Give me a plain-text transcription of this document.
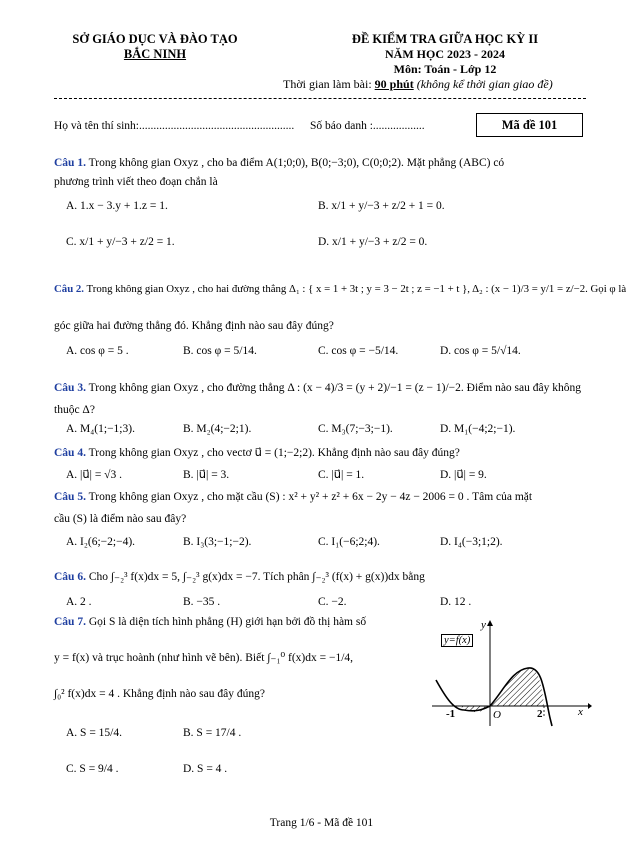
SỞ GIÁO DỤC VÀ ĐÀO TẠO
BẮC NINH
ĐỀ KIỂM TRA GIỮA HỌC KỲ II
NĂM HỌC 2023 - 2024
Môn: Toán - Lớp 12
Thời gian làm bài: 90 phút (không kể thời gian giao đề)
Họ và tên thí sinh:...................................................... Số báo danh :..................	Mã đề 101
Câu 1. Trong không gian Oxyz , cho ba điểm A(1;0;0), B(0;−3;0), C(0;0;2). Mặt phẳng (ABC) có
phương trình viết theo đoạn chắn là
A. 1.x − 3.y + 1.z = 1.	B. x/1 + y/−3 + z/2 + 1 = 0.
C. x/1 + y/−3 + z/2 = 1.	D. x/1 + y/−3 + z/2 = 0.
Câu 2. Trong không gian Oxyz , cho hai đường thẳng Δ₁ : { x = 1 + 3t ; y = 3 − 2t ; z = −1 + t }, Δ₂ : (x − 1)/3 = y/1 = z/−2. Gọi φ là
góc giữa hai đường thẳng đó. Khẳng định nào sau đây đúng?
A. cos φ = 5 .	B. cos φ = 5/14.	C. cos φ = −5/14.	D. cos φ = 5/√14.
Câu 3. Trong không gian Oxyz , cho đường thẳng Δ : (x − 4)/3 = (y + 2)/−1 = (z − 1)/−2. Điểm nào sau đây không
thuộc Δ?
A. M₄(1;−1;3).	B. M₂(4;−2;1).	C. M₃(7;−3;−1).	D. M₁(−4;2;−1).
Câu 4. Trong không gian Oxyz , cho vectơ u⃗ = (1;−2;2). Khẳng định nào sau đây đúng?
A. |u⃗| = √3 .	B. |u⃗| = 3.	C. |u⃗| = 1.	D. |u⃗| = 9.
Câu 5. Trong không gian Oxyz , cho mặt cầu (S) : x² + y² + z² + 6x − 2y − 4z − 2006 = 0 . Tâm của mặt
cầu (S) là điểm nào sau đây?
A. I₂(6;−2;−4).	B. I₃(3;−1;−2).	C. I₁(−6;2;4).	D. I₄(−3;1;2).
Câu 6. Cho ∫₋₂³ f(x)dx = 5, ∫₋₂³ g(x)dx = −7. Tích phân ∫₋₂³ (f(x) + g(x))dx bằng
A. 2 .	B. −35 .	C. −2.	D. 12 .
Câu 7. Gọi S là diện tích hình phẳng (H) giới hạn bởi đồ thị hàm số
y = f(x) và trục hoành (như hình vẽ bên). Biết ∫₋₁⁰ f(x)dx = −1/4,
∫₀² f(x)dx = 4 . Khẳng định nào sau đây đúng?
A. S = 15/4.	B. S = 17/4 .
C. S = 9/4 .	D. S = 4 .
y=f(x)
y
x
-1	O	2
Trang 1/6 - Mã đề 101
